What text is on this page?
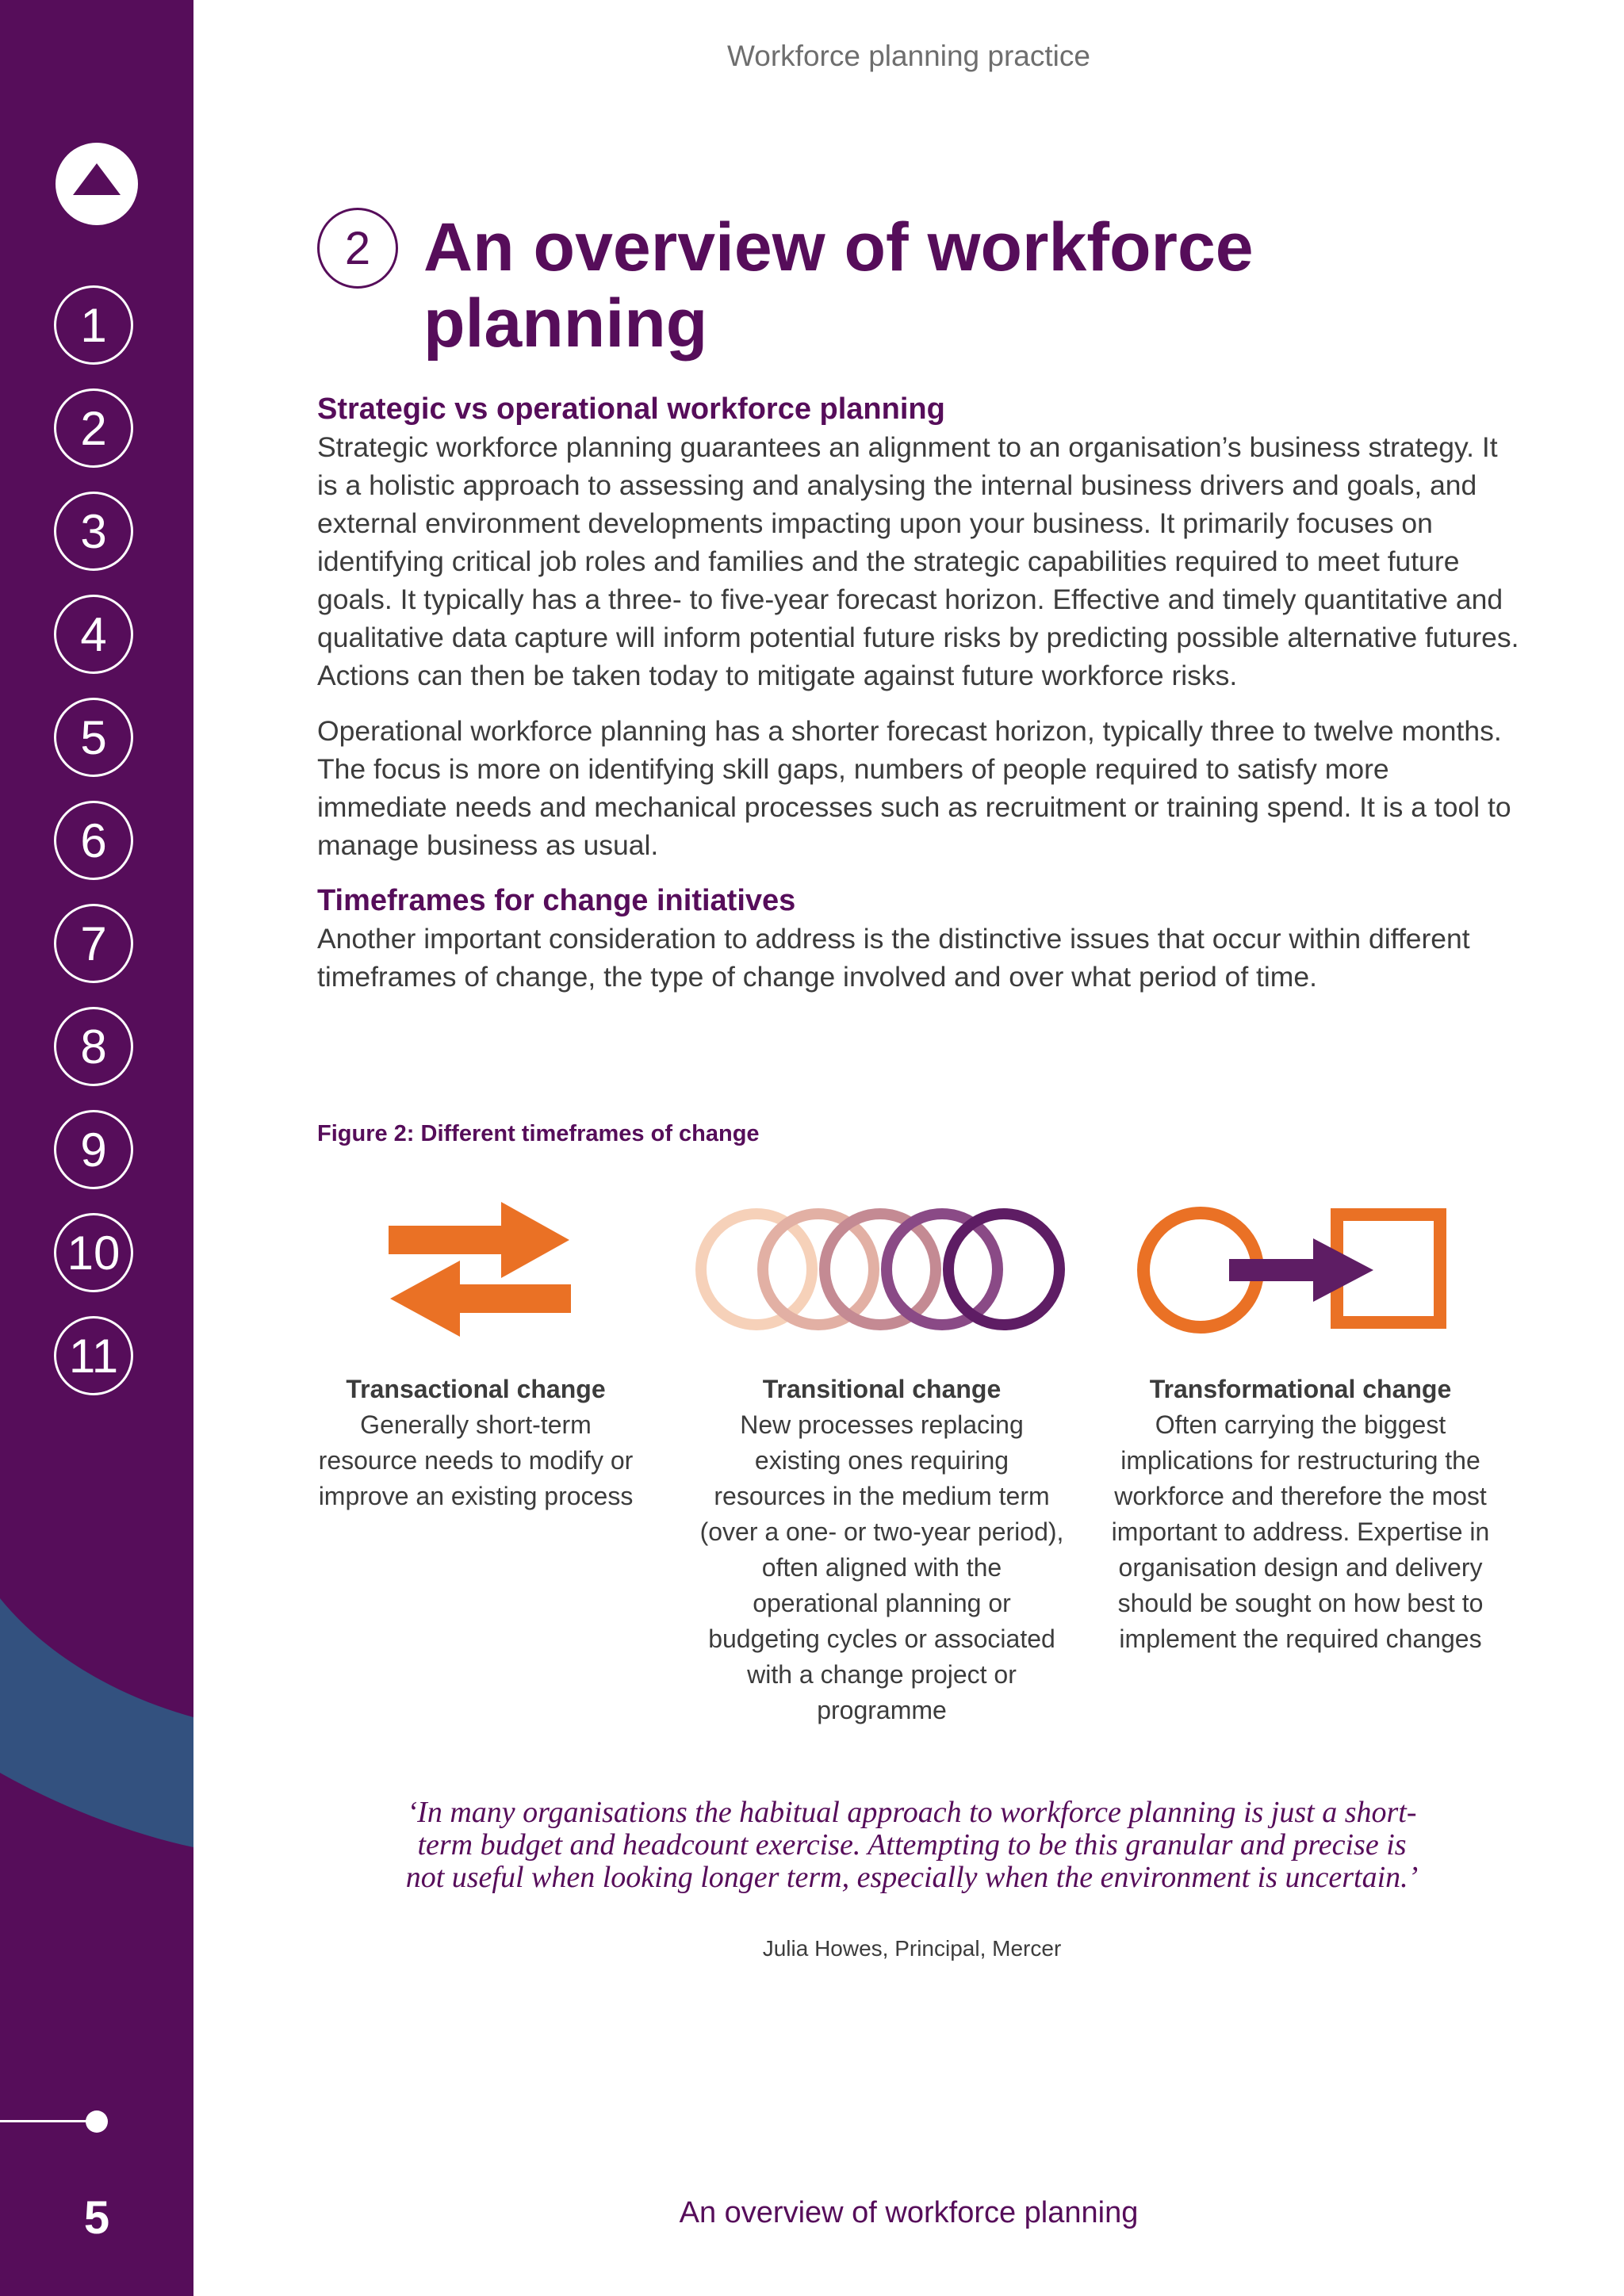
1
2
3
4
5
6
7
8
9
10
11
5
Workforce planning practice
2 An overview of workforce planning
Strategic vs operational workforce planning

Strategic workforce planning guarantees an alignment to an organisation’s business strategy. It is a holistic approach to assessing and analysing the internal business drivers and goals, and external environment developments impacting upon your business. It primarily focuses on identifying critical job roles and families and the strategic capabilities required to meet future goals. It typically has a three- to five-year forecast horizon. Effective and timely quantitative and qualitative data capture will inform potential future risks by predicting possible alternative futures. Actions can then be taken today to mitigate against future workforce risks.

Operational workforce planning has a shorter forecast horizon, typically three to twelve months. The focus is more on identifying skill gaps, numbers of people required to satisfy more immediate needs and mechanical processes such as recruitment or training spend. It is a tool to manage business as usual.

Timeframes for change initiatives

Another important consideration to address is the distinctive issues that occur within different timeframes of change, the type of change involved and over what period of time.

Figure 2: Different timeframes of change
Transactional change
Generally short-term resource needs to modify or improve an existing process
Transitional change
New processes replacing existing ones requiring resources in the medium term (over a one- or two-year period), often aligned with the operational planning or budgeting cycles or associated with a change project or programme
Transformational change
Often carrying the biggest implications for restructuring the workforce and therefore the most important to address. Expertise in organisation design and delivery should be sought on how best to implement the required changes

‘In many organisations the habitual approach to workforce planning is just a short-term budget and headcount exercise. Attempting to be this granular and precise is not useful when looking longer term, especially when the environment is uncertain.’

Julia Howes, Principal, Mercer
An overview of workforce planning
